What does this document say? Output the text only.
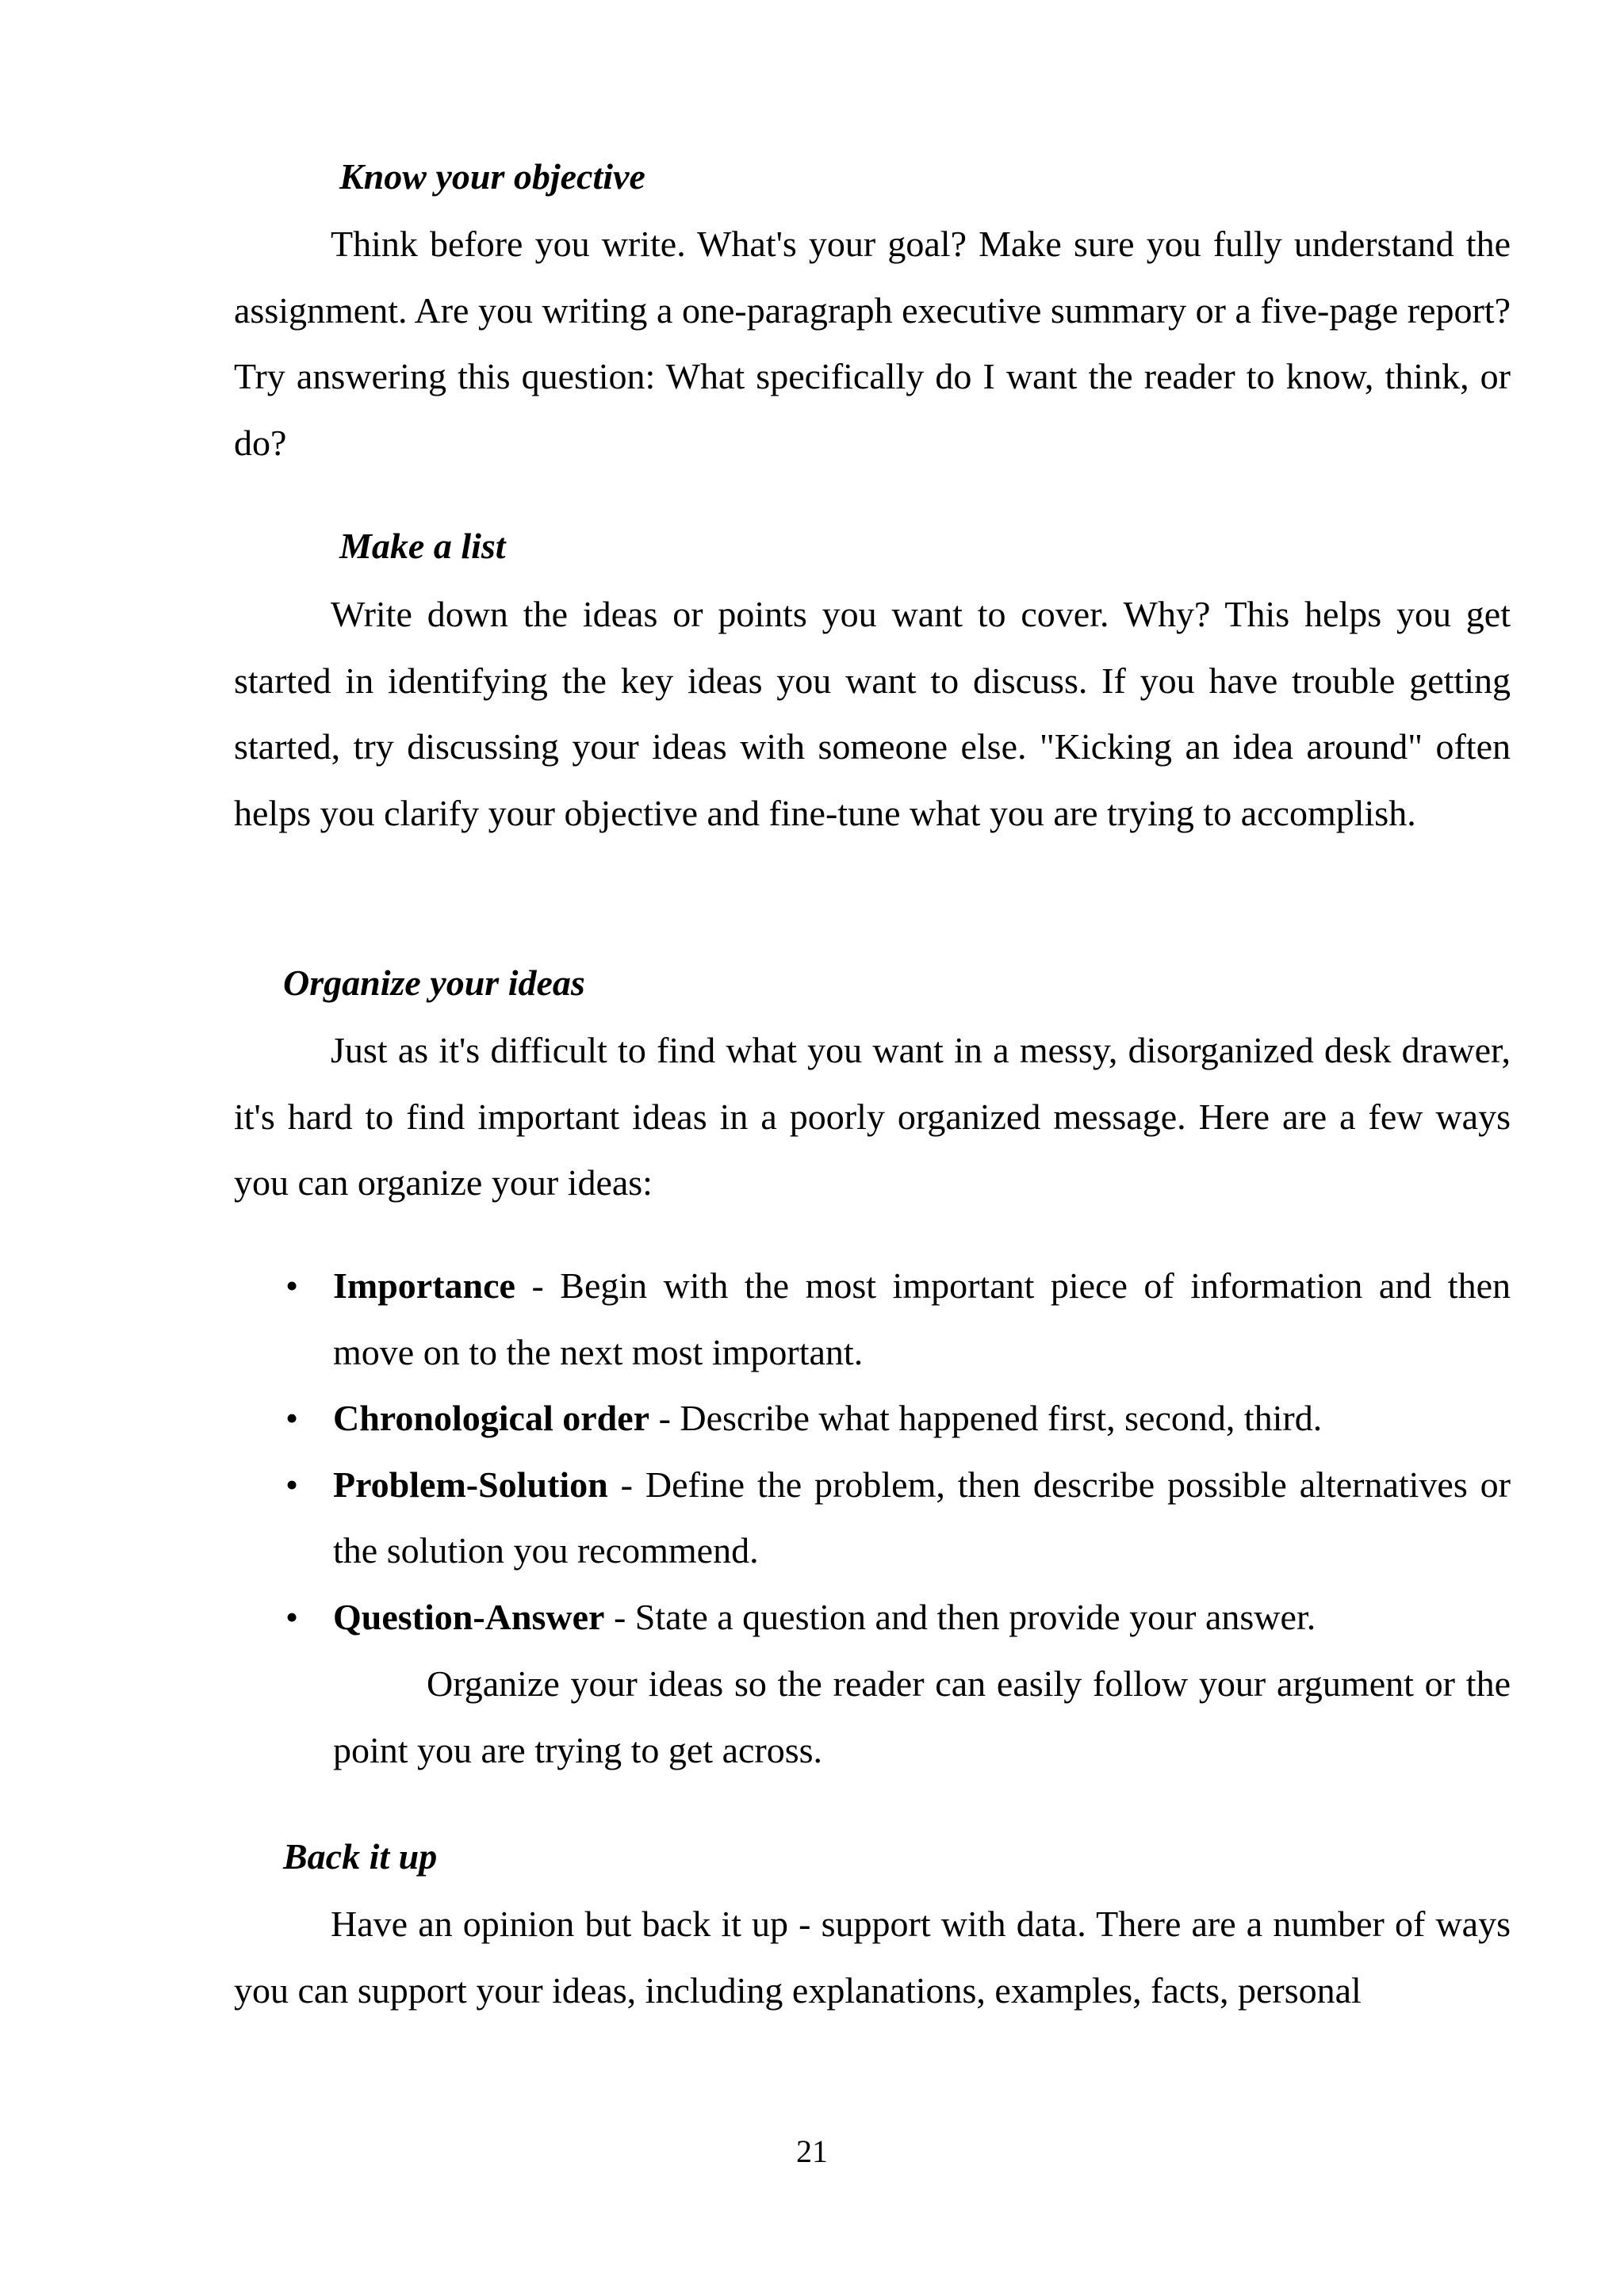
Know your objective

Think before you write. What's your goal? Make sure you fully understand the assignment. Are you writing a one-paragraph executive summary or a five-page report? Try answering this question: What specifically do I want the reader to know, think, or do?

Make a list

Write down the ideas or points you want to cover. Why? This helps you get started in identifying the key ideas you want to discuss. If you have trouble getting started, try discussing your ideas with someone else. "Kicking an idea around" often helps you clarify your objective and fine-tune what you are trying to accomplish.

Organize your ideas

Just as it's difficult to find what you want in a messy, disorganized desk drawer, it's hard to find important ideas in a poorly organized message. Here are a few ways you can organize your ideas:

• Importance - Begin with the most important piece of information and then move on to the next most important.
• Chronological order - Describe what happened first, second, third.
• Problem-Solution - Define the problem, then describe possible alternatives or the solution you recommend.
• Question-Answer - State a question and then provide your answer.

Organize your ideas so the reader can easily follow your argument or the point you are trying to get across.

Back it up

Have an opinion but back it up - support with data. There are a number of ways you can support your ideas, including explanations, examples, facts, personal

21
